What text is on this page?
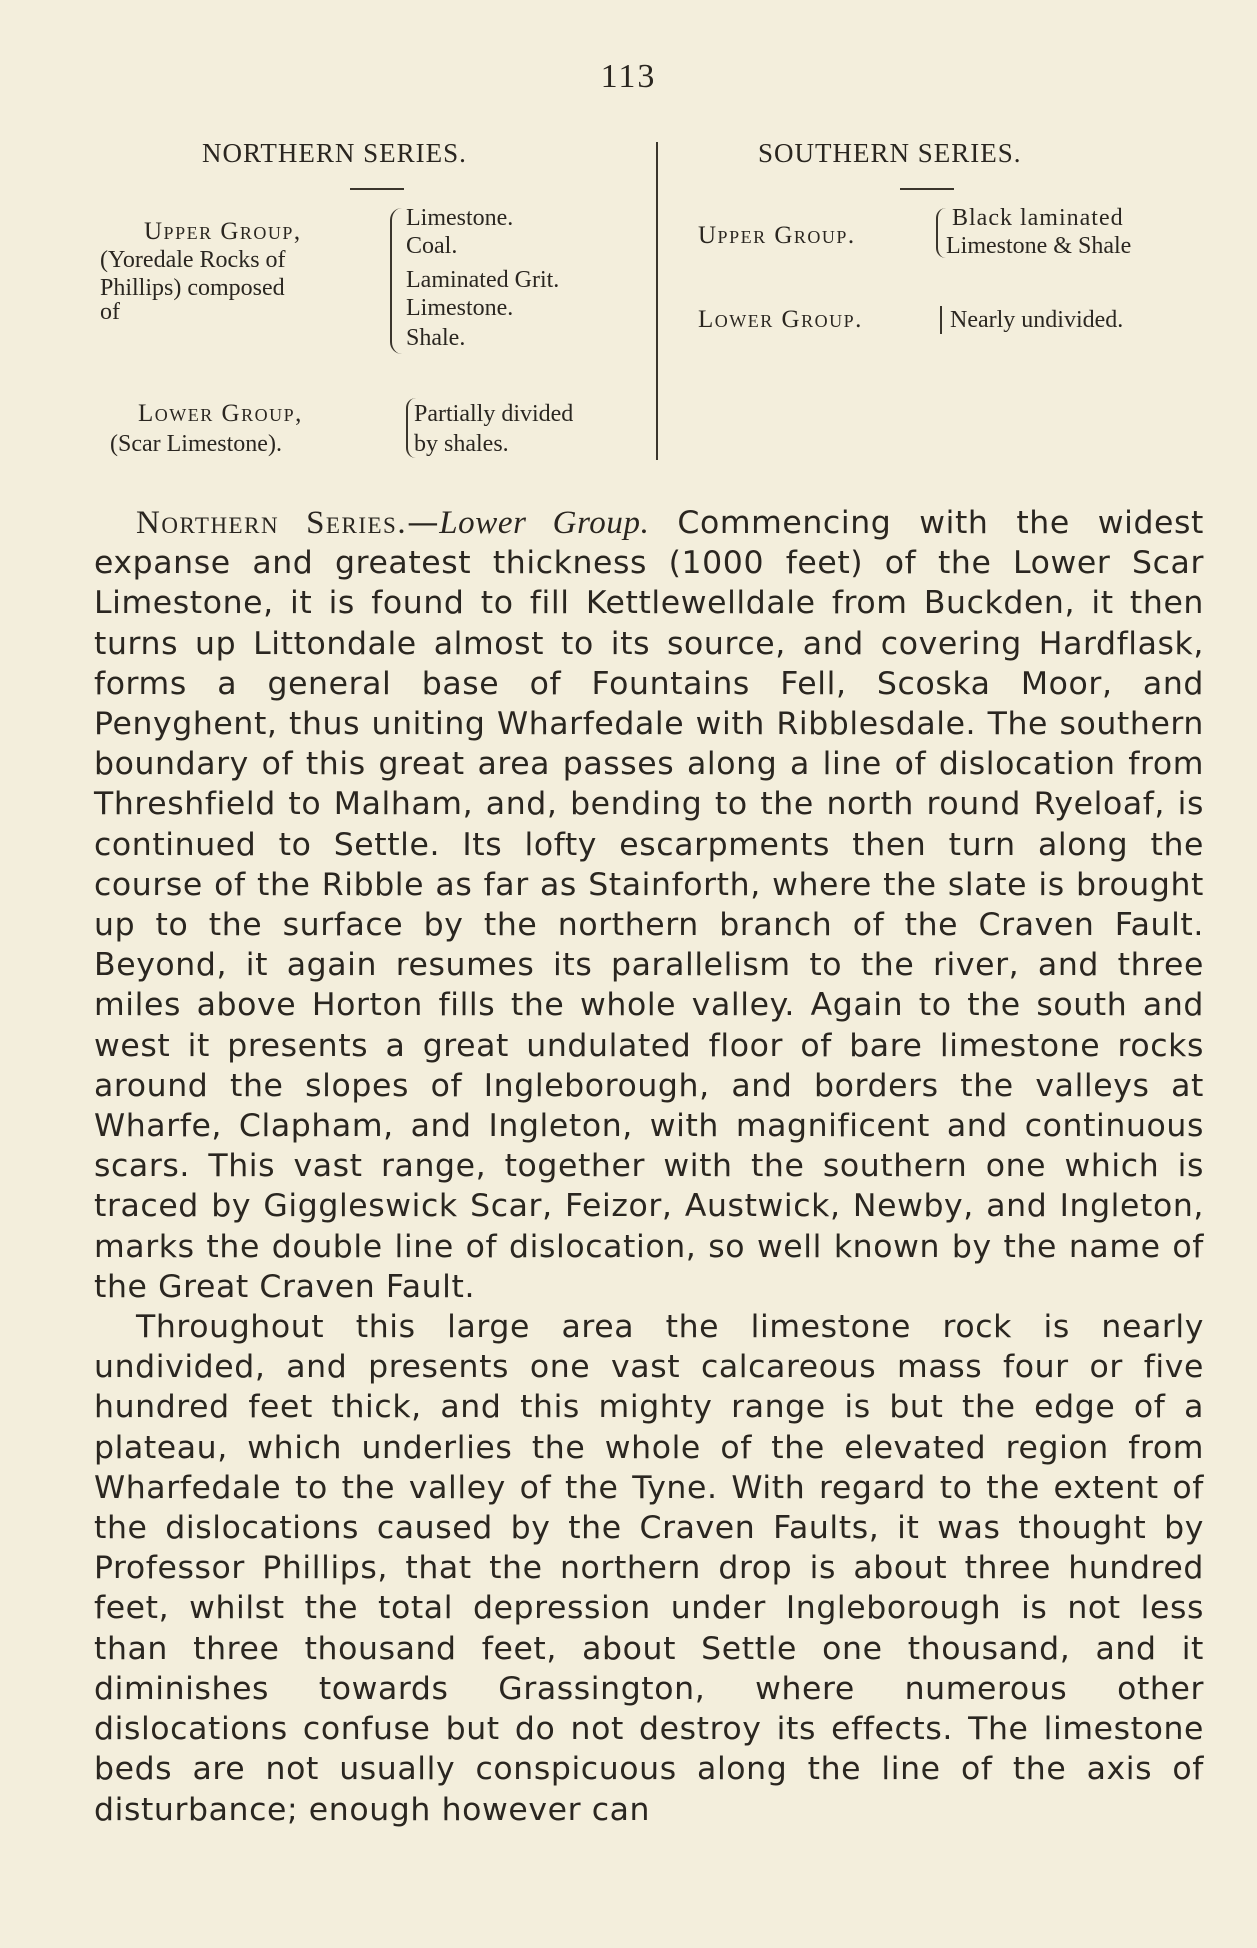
113
NORTHERN SERIES.
Upper Group,
(Yoredale Rocks of
Phillips) composed
of
Limestone.
Coal.
Laminated Grit.
Limestone.
Shale.
Lower Group,
(Scar Limestone).
Partially divided
by shales.
SOUTHERN SERIES.
Upper Group.
Black laminated
Limestone & Shale
Lower Group.	Nearly undivided.

Northern Series.—Lower Group. Commencing with the widest expanse and greatest thickness (1000 feet) of the Lower Scar Limestone, it is found to fill Kettlewelldale from Buckden, it then turns up Littondale almost to its source, and covering Hardflask, forms a general base of Fountains Fell, Scoska Moor, and Penyghent, thus uniting Wharfedale with Ribblesdale. The southern boundary of this great area passes along a line of dislocation from Threshfield to Malham, and, bending to the north round Ryeloaf, is continued to Settle. Its lofty escarpments then turn along the course of the Ribble as far as Stainforth, where the slate is brought up to the surface by the northern branch of the Craven Fault. Beyond, it again resumes its parallelism to the river, and three miles above Horton fills the whole valley. Again to the south and west it presents a great undulated floor of bare limestone rocks around the slopes of Ingleborough, and borders the valleys at Wharfe, Clapham, and Ingleton, with magnificent and continuous scars. This vast range, together with the southern one which is traced by Giggleswick Scar, Feizor, Austwick, Newby, and Ingleton, marks the double line of dislocation, so well known by the name of the Great Craven Fault.

Throughout this large area the limestone rock is nearly undivided, and presents one vast calcareous mass four or five hundred feet thick, and this mighty range is but the edge of a plateau, which underlies the whole of the elevated region from Wharfedale to the valley of the Tyne. With regard to the extent of the dislocations caused by the Craven Faults, it was thought by Professor Phillips, that the northern drop is about three hundred feet, whilst the total depression under Ingleborough is not less than three thousand feet, about Settle one thousand, and it diminishes towards Grassington, where numerous other dislocations confuse but do not destroy its effects. The limestone beds are not usually conspicuous along the line of the axis of disturbance; enough however can
